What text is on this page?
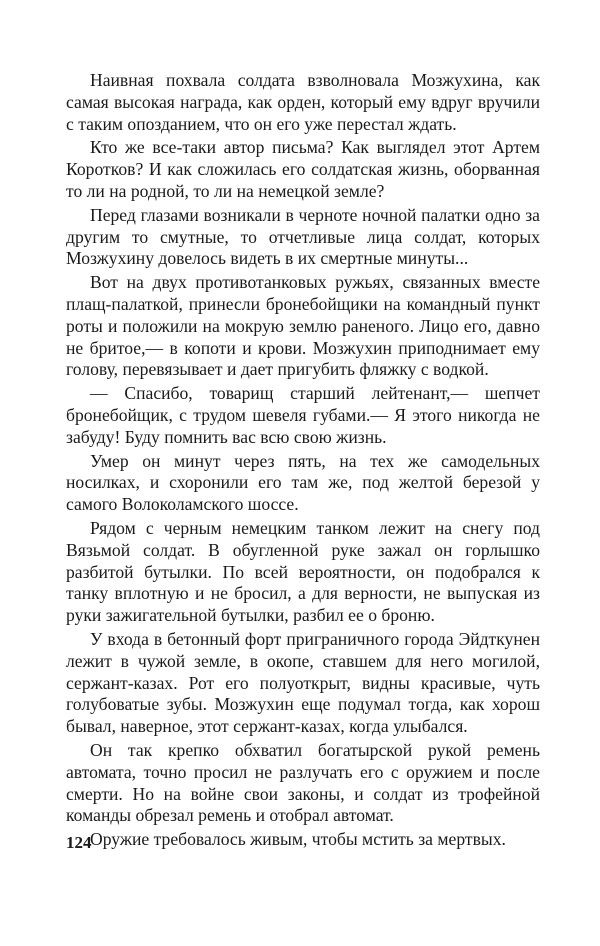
Наивная похвала солдата взволновала Мозжухина, как самая высокая награда, как орден, который ему вдруг вручили с таким опозданием, что он его уже перестал ждать.

Кто же все-таки автор письма? Как выглядел этот Артем Коротков? И как сложилась его солдатская жизнь, оборванная то ли на родной, то ли на немецкой земле?

Перед глазами возникали в черноте ночной палатки одно за другим то смутные, то отчетливые лица солдат, которых Мозжухину довелось видеть в их смертные минуты...

Вот на двух противотанковых ружьях, связанных вместе плащ-палаткой, принесли бронебойщики на командный пункт роты и положили на мокрую землю раненого. Лицо его, давно не бритое,— в копоти и крови. Мозжухин приподнимает ему голову, перевязывает и дает пригубить фляжку с водкой.

— Спасибо, товарищ старший лейтенант,— шепчет бронебойщик, с трудом шевеля губами.— Я этого никогда не забуду! Буду помнить вас всю свою жизнь.

Умер он минут через пять, на тех же самодельных носилках, и схоронили его там же, под желтой березой у самого Волоколамского шоссе.

Рядом с черным немецким танком лежит на снегу под Вязьмой солдат. В обугленной руке зажал он горлышко разбитой бутылки. По всей вероятности, он подобрался к танку вплотную и не бросил, а для верности, не выпуская из руки зажигательной бутылки, разбил ее о броню.

У входа в бетонный форт приграничного города Эйдткунен лежит в чужой земле, в окопе, ставшем для него могилой, сержант-казах. Рот его полуоткрыт, видны красивые, чуть голубоватые зубы. Мозжухин еще подумал тогда, как хорош бывал, наверное, этот сержант-казах, когда улыбался.

Он так крепко обхватил богатырской рукой ремень автомата, точно просил не разлучать его с оружием и после смерти. Но на войне свои законы, и солдат из трофейной команды обрезал ремень и отобрал автомат.

Оружие требовалось живым, чтобы мстить за мертвых.

124
